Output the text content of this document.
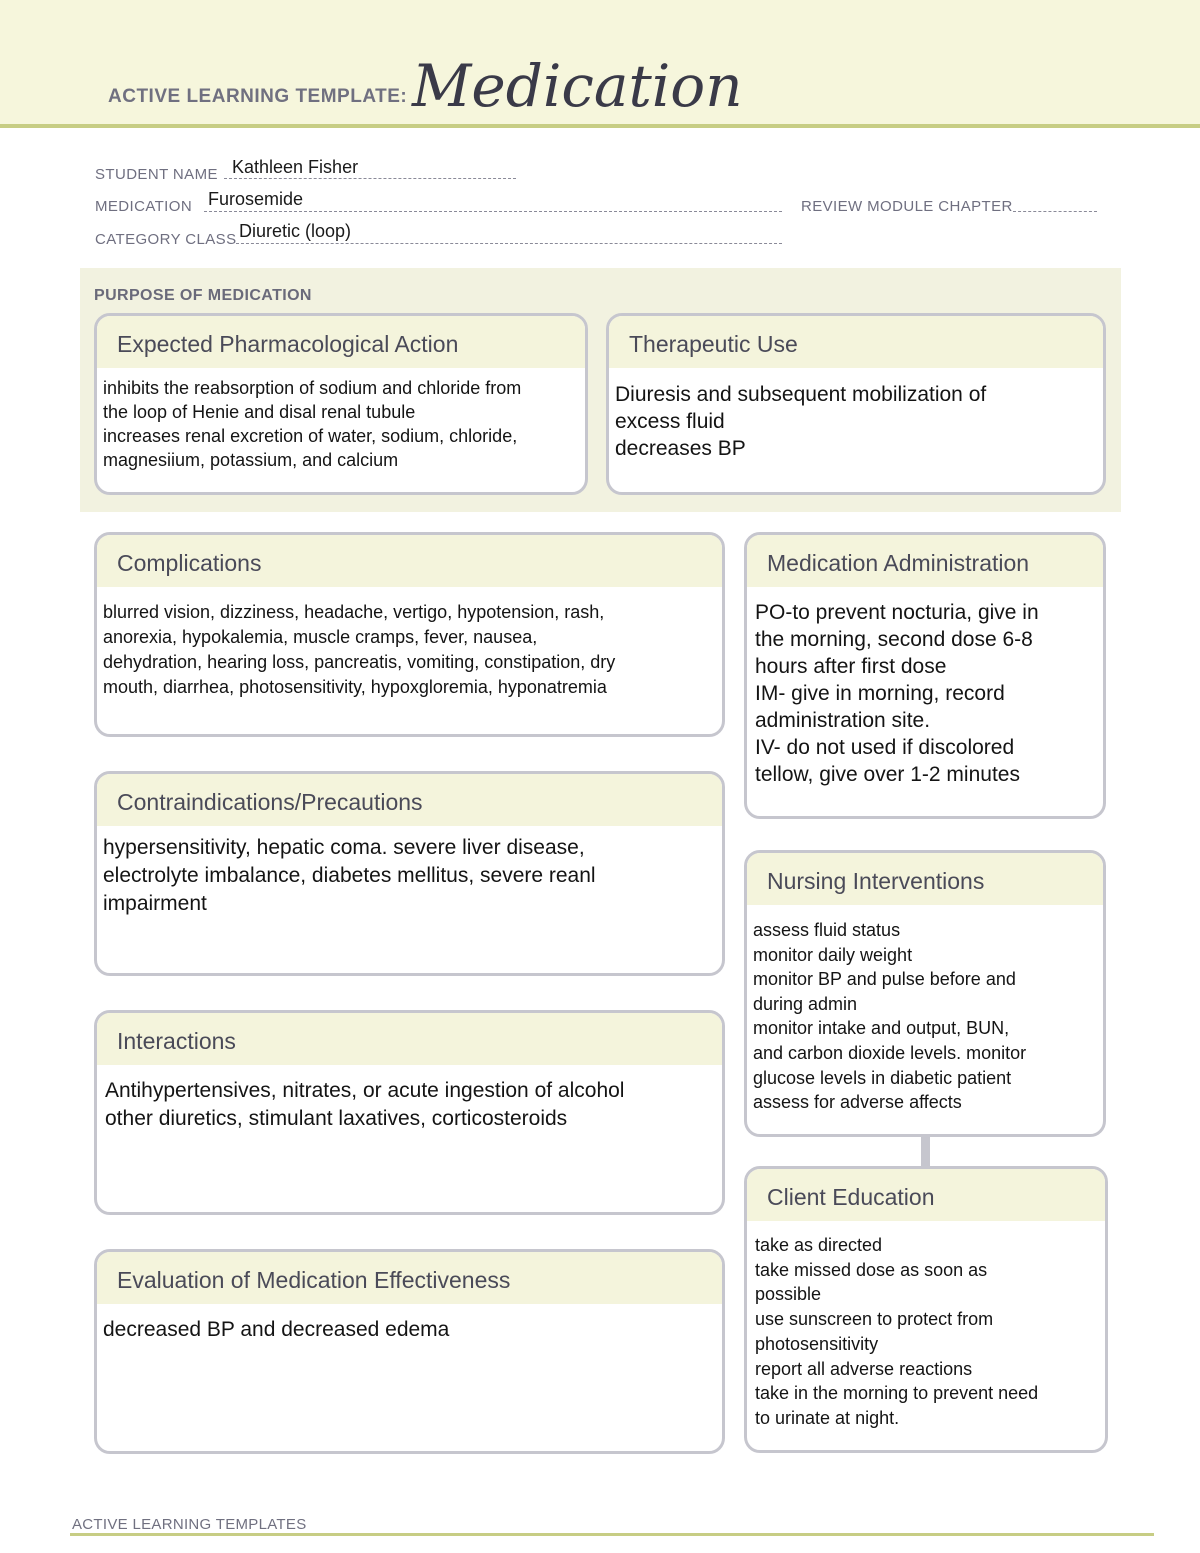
ACTIVE LEARNING TEMPLATE: Medication
STUDENT NAME Kathleen Fisher
MEDICATION Furosemide	REVIEW MODULE CHAPTER
CATEGORY CLASS Diuretic (loop)
PURPOSE OF MEDICATION
Expected Pharmacological Action
inhibits the reabsorption of sodium and chloride from
the loop of Henie and disal renal tubule
increases renal excretion of water, sodium, chloride,
magnesiium, potassium, and calcium
Therapeutic Use
Diuresis and subsequent mobilization of
excess fluid
decreases BP
Complications
blurred vision, dizziness, headache, vertigo, hypotension, rash,
anorexia, hypokalemia, muscle cramps, fever, nausea,
dehydration, hearing loss, pancreatis, vomiting, constipation, dry
mouth, diarrhea, photosensitivity, hypoxgloremia, hyponatremia
Contraindications/Precautions
hypersensitivity, hepatic coma. severe liver disease,
electrolyte imbalance, diabetes mellitus, severe reanl
impairment
Interactions
Antihypertensives, nitrates, or acute ingestion of alcohol
other diuretics, stimulant laxatives, corticosteroids
Evaluation of Medication Effectiveness
decreased BP and decreased edema
Medication Administration
PO-to prevent nocturia, give in
the morning, second dose 6-8
hours after first dose
IM- give in morning, record
administration site.
IV- do not used if discolored
tellow, give over 1-2 minutes
Nursing Interventions
assess fluid status
monitor daily weight
monitor BP and pulse before and
during admin
monitor intake and output, BUN,
and carbon dioxide levels. monitor
glucose levels in diabetic patient
assess for adverse affects
Client Education
take as directed
take missed dose as soon as
possible
use sunscreen to protect from
photosensitivity
report all adverse reactions
take in the morning to prevent need
to urinate at night.
ACTIVE LEARNING TEMPLATES
